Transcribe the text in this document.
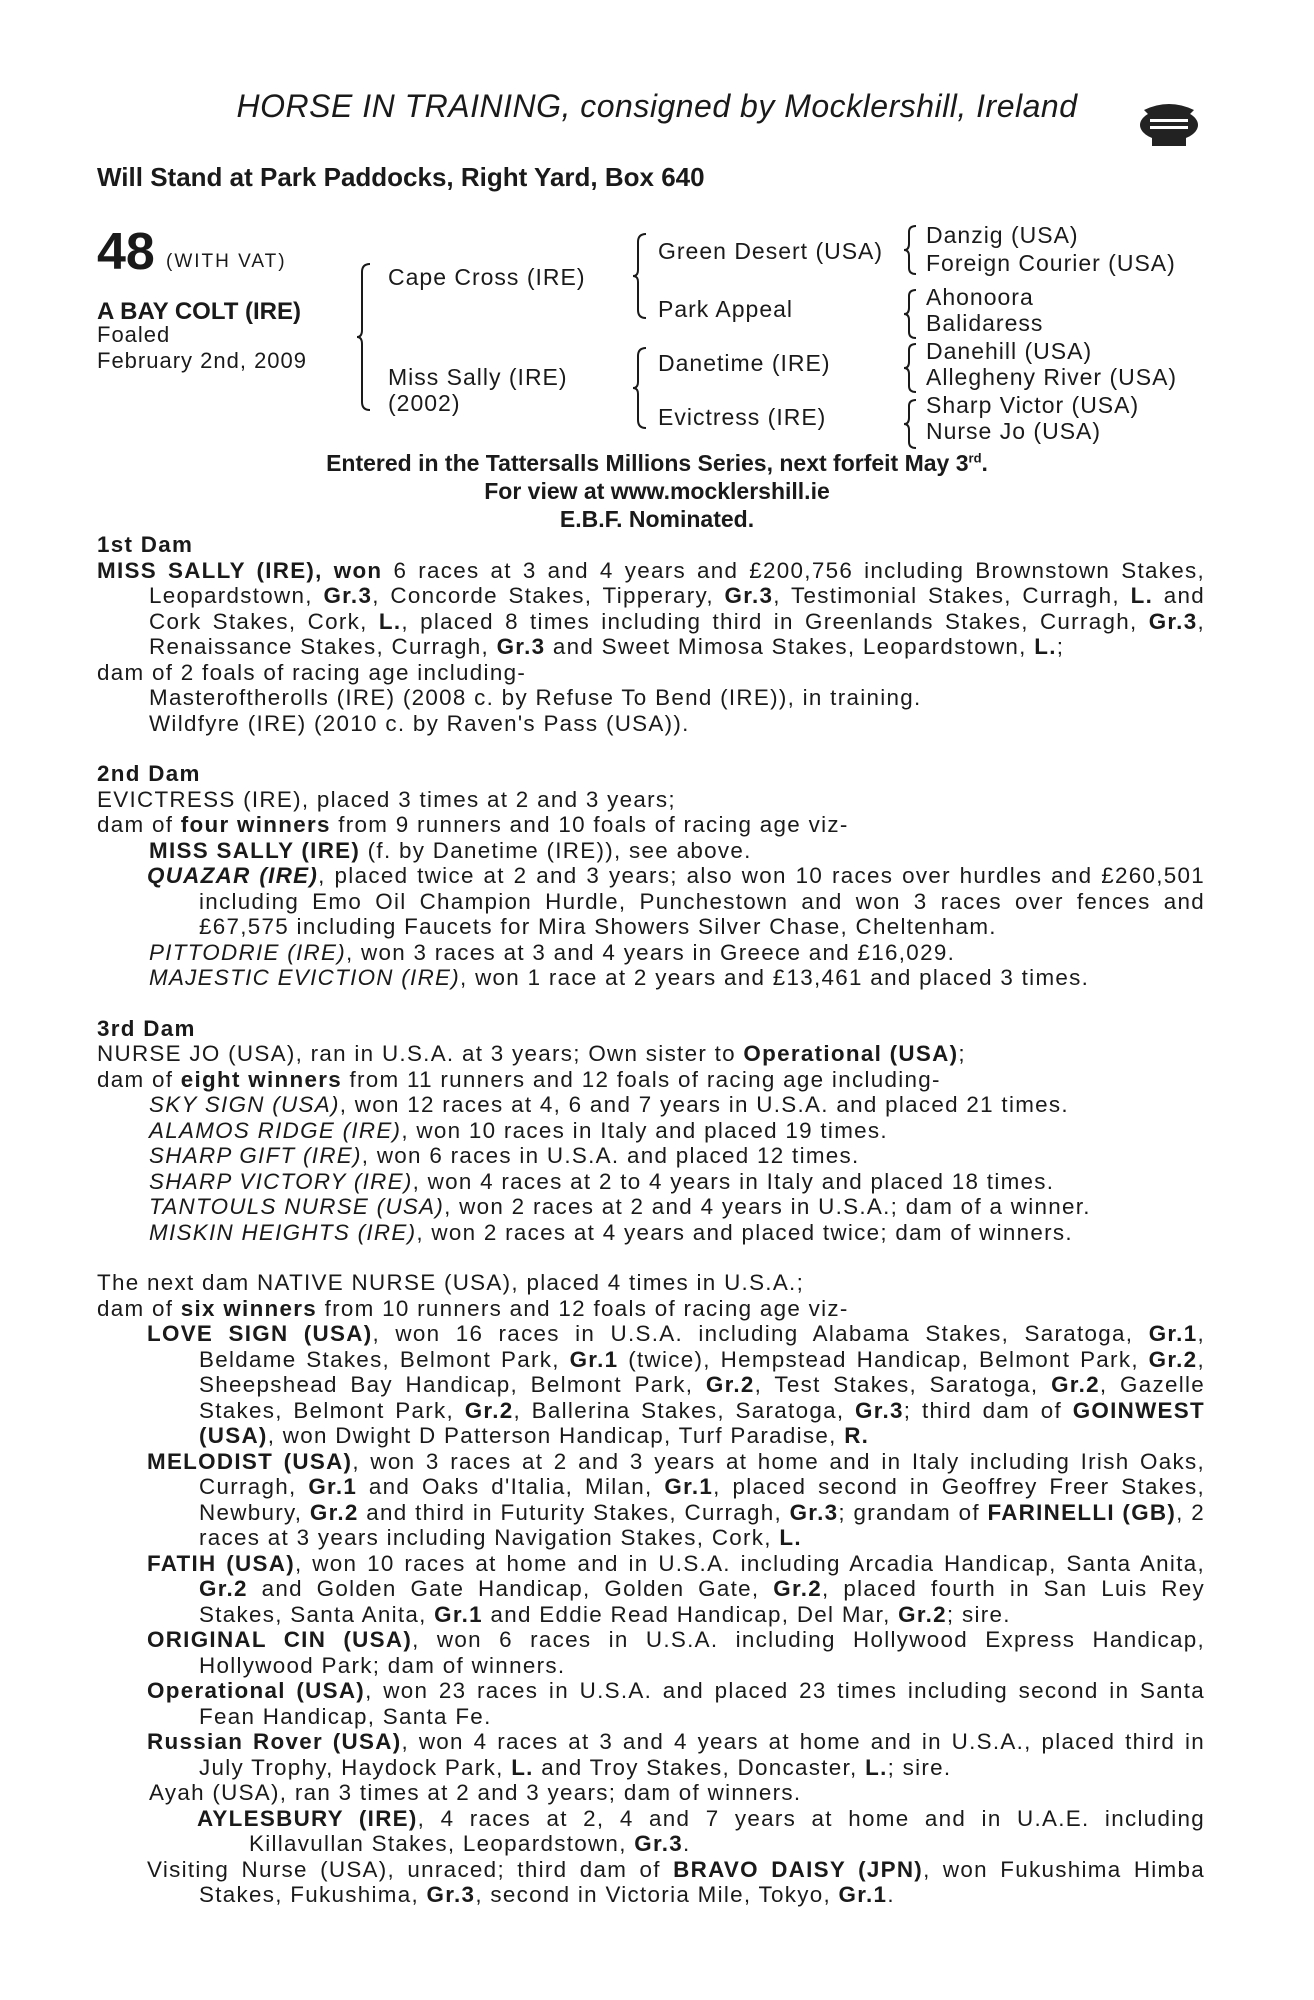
HORSE IN TRAINING, consigned by Mocklershill, Ireland
Will Stand at Park Paddocks, Right Yard, Box 640
48 (WITH VAT)
A BAY COLT (IRE)
Foaled
February 2nd, 2009
Cape Cross (IRE)
Miss Sally (IRE)
(2002)
Green Desert (USA)
Park Appeal
Danetime (IRE)
Evictress (IRE)
Danzig (USA)
Foreign Courier (USA)
Ahonoora
Balidaress
Danehill (USA)
Allegheny River (USA)
Sharp Victor (USA)
Nurse Jo (USA)
Entered in the Tattersalls Millions Series, next forfeit May 3rd.
For view at www.mocklershill.ie
E.B.F. Nominated.

1st Dam

MISS SALLY (IRE), won 6 races at 3 and 4 years and £200,756 including Brownstown Stakes, Leopardstown, Gr.3, Concorde Stakes, Tipperary, Gr.3, Testimonial Stakes, Curragh, L. and Cork Stakes, Cork, L., placed 8 times including third in Greenlands Stakes, Curragh, Gr.3, Renaissance Stakes, Curragh, Gr.3 and Sweet Mimosa Stakes, Leopardstown, L.;

dam of 2 foals of racing age including-

Masteroftherolls (IRE) (2008 c. by Refuse To Bend (IRE)), in training.

Wildfyre (IRE) (2010 c. by Raven's Pass (USA)).

2nd Dam

EVICTRESS (IRE), placed 3 times at 2 and 3 years;

dam of four winners from 9 runners and 10 foals of racing age viz-

MISS SALLY (IRE) (f. by Danetime (IRE)), see above.

QUAZAR (IRE), placed twice at 2 and 3 years; also won 10 races over hurdles and £260,501 including Emo Oil Champion Hurdle, Punchestown and won 3 races over fences and £67,575 including Faucets for Mira Showers Silver Chase, Cheltenham.

PITTODRIE (IRE), won 3 races at 3 and 4 years in Greece and £16,029.

MAJESTIC EVICTION (IRE), won 1 race at 2 years and £13,461 and placed 3 times.

3rd Dam

NURSE JO (USA), ran in U.S.A. at 3 years; Own sister to Operational (USA);

dam of eight winners from 11 runners and 12 foals of racing age including-

SKY SIGN (USA), won 12 races at 4, 6 and 7 years in U.S.A. and placed 21 times.

ALAMOS RIDGE (IRE), won 10 races in Italy and placed 19 times.

SHARP GIFT (IRE), won 6 races in U.S.A. and placed 12 times.

SHARP VICTORY (IRE), won 4 races at 2 to 4 years in Italy and placed 18 times.

TANTOULS NURSE (USA), won 2 races at 2 and 4 years in U.S.A.; dam of a winner.

MISKIN HEIGHTS (IRE), won 2 races at 4 years and placed twice; dam of winners.

The next dam NATIVE NURSE (USA), placed 4 times in U.S.A.;

dam of six winners from 10 runners and 12 foals of racing age viz-

LOVE SIGN (USA), won 16 races in U.S.A. including Alabama Stakes, Saratoga, Gr.1, Beldame Stakes, Belmont Park, Gr.1 (twice), Hempstead Handicap, Belmont Park, Gr.2, Sheepshead Bay Handicap, Belmont Park, Gr.2, Test Stakes, Saratoga, Gr.2, Gazelle Stakes, Belmont Park, Gr.2, Ballerina Stakes, Saratoga, Gr.3; third dam of GOINWEST (USA), won Dwight D Patterson Handicap, Turf Paradise, R.

MELODIST (USA), won 3 races at 2 and 3 years at home and in Italy including Irish Oaks, Curragh, Gr.1 and Oaks d'Italia, Milan, Gr.1, placed second in Geoffrey Freer Stakes, Newbury, Gr.2 and third in Futurity Stakes, Curragh, Gr.3; grandam of FARINELLI (GB), 2 races at 3 years including Navigation Stakes, Cork, L.

FATIH (USA), won 10 races at home and in U.S.A. including Arcadia Handicap, Santa Anita, Gr.2 and Golden Gate Handicap, Golden Gate, Gr.2, placed fourth in San Luis Rey Stakes, Santa Anita, Gr.1 and Eddie Read Handicap, Del Mar, Gr.2; sire.

ORIGINAL CIN (USA), won 6 races in U.S.A. including Hollywood Express Handicap, Hollywood Park; dam of winners.

Operational (USA), won 23 races in U.S.A. and placed 23 times including second in Santa Fean Handicap, Santa Fe.

Russian Rover (USA), won 4 races at 3 and 4 years at home and in U.S.A., placed third in July Trophy, Haydock Park, L. and Troy Stakes, Doncaster, L.; sire.

Ayah (USA), ran 3 times at 2 and 3 years; dam of winners.

AYLESBURY (IRE), 4 races at 2, 4 and 7 years at home and in U.A.E. including Killavullan Stakes, Leopardstown, Gr.3.

Visiting Nurse (USA), unraced; third dam of BRAVO DAISY (JPN), won Fukushima Himba Stakes, Fukushima, Gr.3, second in Victoria Mile, Tokyo, Gr.1.
